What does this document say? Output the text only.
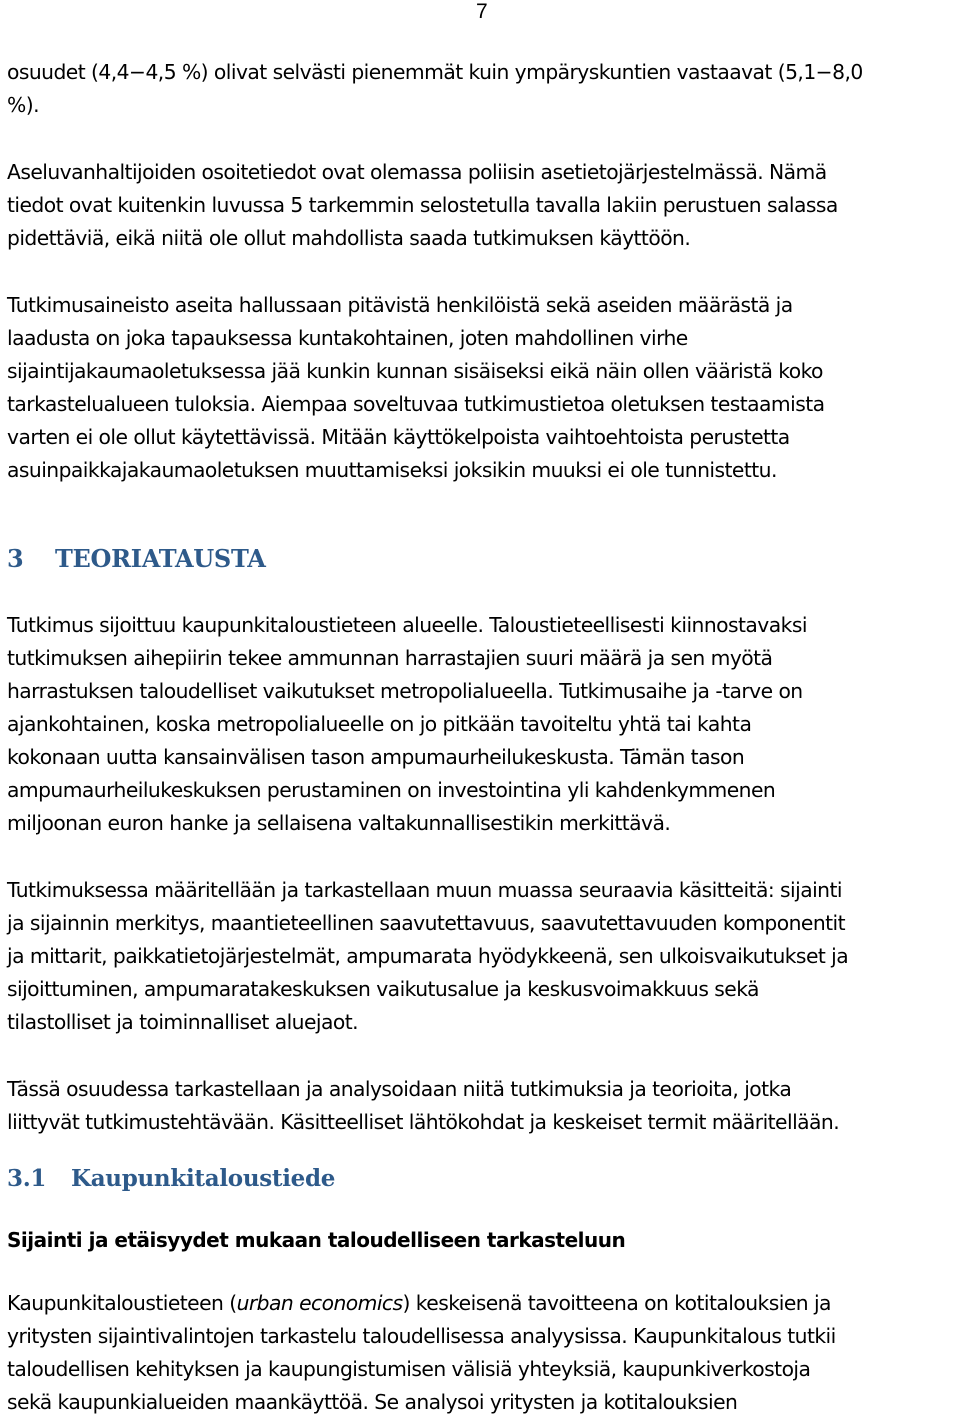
7
osuudet (4,4−4,5 %) olivat selvästi pienemmät kuin ympäryskuntien vastaavat (5,1−8,0
%).
Aseluvanhaltijoiden osoitetiedot ovat olemassa poliisin asetietojärjestelmässä. Nämä
tiedot ovat kuitenkin luvussa 5 tarkemmin selostetulla tavalla lakiin perustuen salassa
pidettäviä, eikä niitä ole ollut mahdollista saada tutkimuksen käyttöön.
Tutkimusaineisto aseita hallussaan pitävistä henkilöistä sekä aseiden määrästä ja
laadusta on joka tapauksessa kuntakohtainen, joten mahdollinen virhe
sijaintijakaumaoletuksessa jää kunkin kunnan sisäiseksi eikä näin ollen vääristä koko
tarkastelualueen tuloksia. Aiempaa soveltuvaa tutkimustietoa oletuksen testaamista
varten ei ole ollut käytettävissä. Mitään käyttökelpoista vaihtoehtoista perustetta
asuinpaikkajakaumaoletuksen muuttamiseksi joksikin muuksi ei ole tunnistettu.
3 TEORIATAUSTA
Tutkimus sijoittuu kaupunkitaloustieteen alueelle. Taloustieteellisesti kiinnostavaksi
tutkimuksen aihepiirin tekee ammunnan harrastajien suuri määrä ja sen myötä
harrastuksen taloudelliset vaikutukset metropolialueella. Tutkimusaihe ja -tarve on
ajankohtainen, koska metropolialueelle on jo pitkään tavoiteltu yhtä tai kahta
kokonaan uutta kansainvälisen tason ampumaurheilukeskusta. Tämän tason
ampumaurheilukeskuksen perustaminen on investointina yli kahdenkymmenen
miljoonan euron hanke ja sellaisena valtakunnallisestikin merkittävä.
Tutkimuksessa määritellään ja tarkastellaan muun muassa seuraavia käsitteitä: sijainti
ja sijainnin merkitys, maantieteellinen saavutettavuus, saavutettavuuden komponentit
ja mittarit, paikkatietojärjestelmät, ampumarata hyödykkeenä, sen ulkoisvaikutukset ja
sijoittuminen, ampumaratakeskuksen vaikutusalue ja keskusvoimakkuus sekä
tilastolliset ja toiminnalliset aluejaot.
Tässä osuudessa tarkastellaan ja analysoidaan niitä tutkimuksia ja teorioita, jotka
liittyvät tutkimustehtävään. Käsitteelliset lähtökohdat ja keskeiset termit määritellään.
3.1 Kaupunkitaloustiede
Sijainti ja etäisyydet mukaan taloudelliseen tarkasteluun
Kaupunkitaloustieteen (urban economics) keskeisenä tavoitteena on kotitalouksien ja
yritysten sijaintivalintojen tarkastelu taloudellisessa analyysissa. Kaupunkitalous tutkii
taloudellisen kehityksen ja kaupungistumisen välisiä yhteyksiä, kaupunkiverkostoja
sekä kaupunkialueiden maankäyttöä. Se analysoi yritysten ja kotitalouksien
